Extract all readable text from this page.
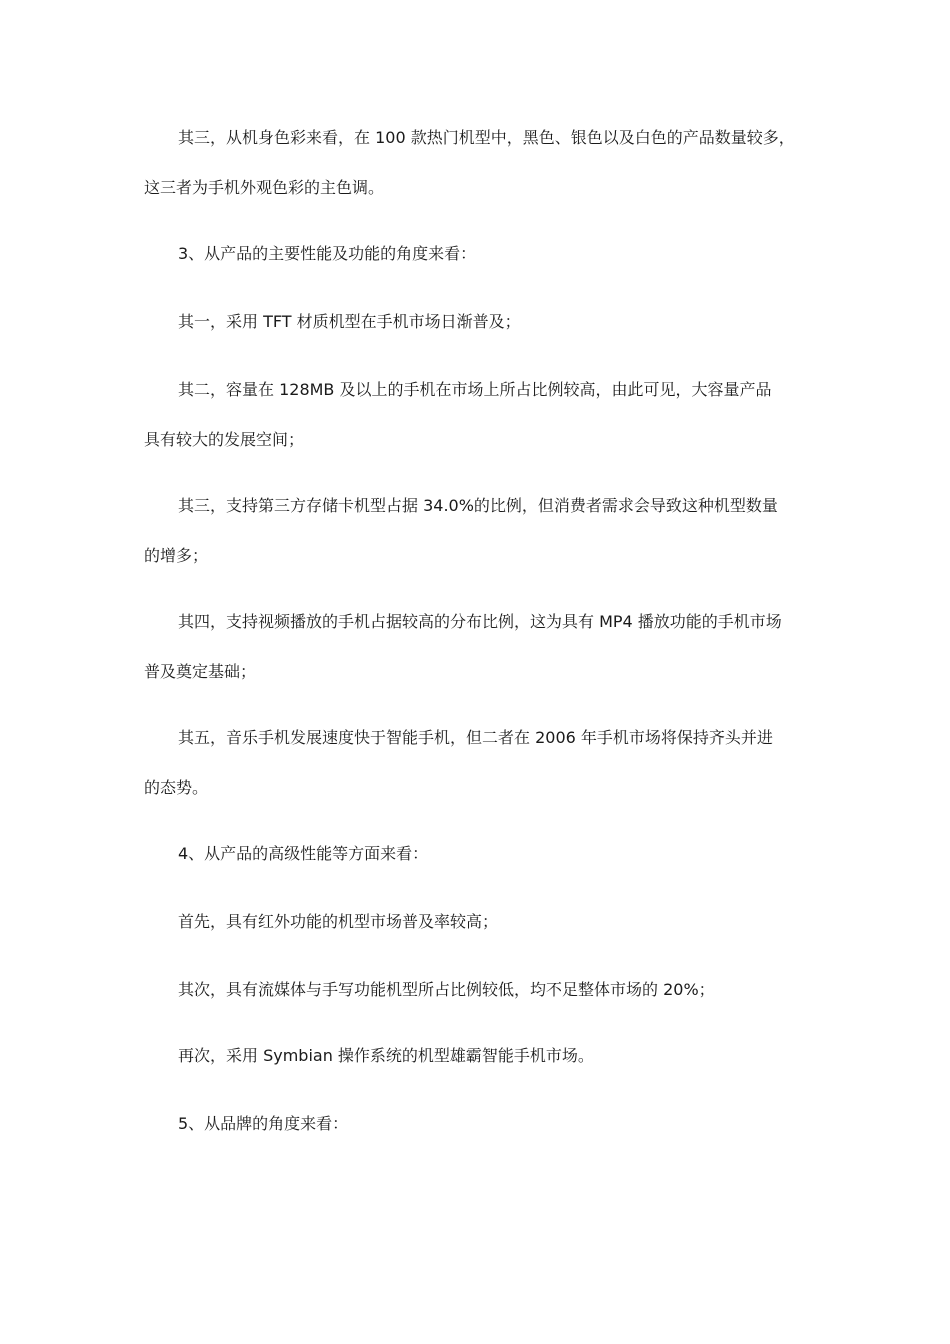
其三，从机身色彩来看，在 100 款热门机型中，黑色、银色以及白色的产品数量较多，
这三者为手机外观色彩的主色调。
3、从产品的主要性能及功能的角度来看：
其一，采用 TFT 材质机型在手机市场日渐普及；
其二，容量在 128MB 及以上的手机在市场上所占比例较高，由此可见，大容量产品
具有较大的发展空间；
其三，支持第三方存储卡机型占据 34.0%的比例，但消费者需求会导致这种机型数量
的增多；
其四，支持视频播放的手机占据较高的分布比例，这为具有 MP4 播放功能的手机市场
普及奠定基础；
其五，音乐手机发展速度快于智能手机，但二者在 2006 年手机市场将保持齐头并进
的态势。
4、从产品的高级性能等方面来看：
首先，具有红外功能的机型市场普及率较高；
其次，具有流媒体与手写功能机型所占比例较低，均不足整体市场的 20%；
再次，采用 Symbian 操作系统的机型雄霸智能手机市场。
5、从品牌的角度来看：
